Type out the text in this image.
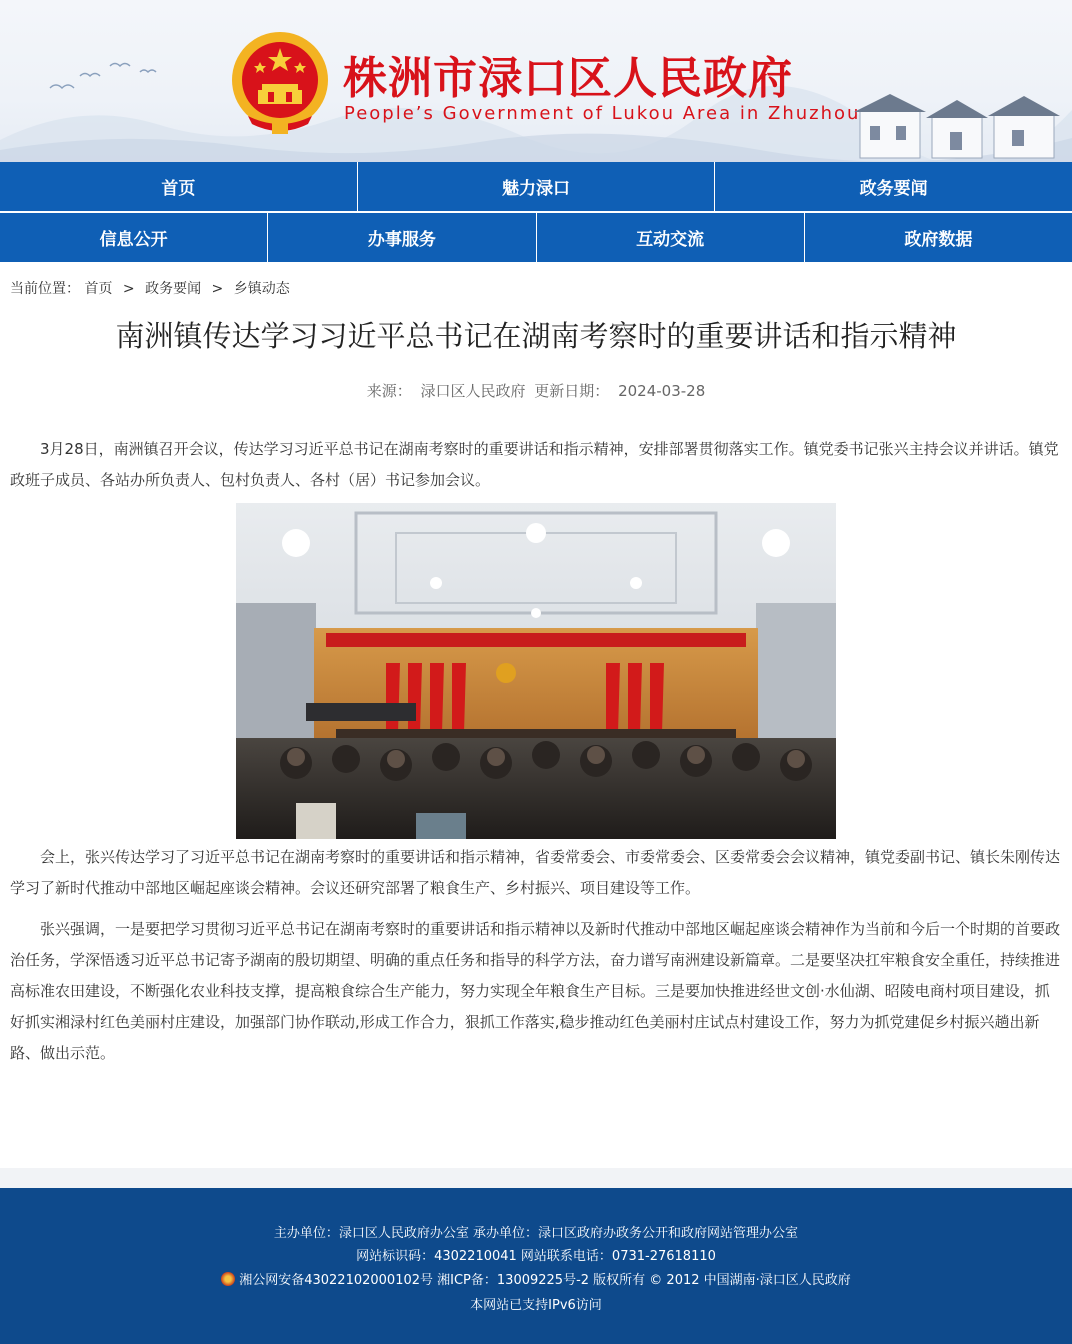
株洲市渌口区人民政府
People’s Government of Lukou Area in Zhuzhou
首页	魅力渌口	政务要闻
信息公开	办事服务	互动交流	政府数据
当前位置： 首页 > 政务要闻 > 乡镇动态
南洲镇传达学习习近平总书记在湖南考察时的重要讲话和指示精神
来源： 渌口区人民政府 更新日期： 2024-03-28
3月28日，南洲镇召开会议，传达学习习近平总书记在湖南考察时的重要讲话和指示精神，安排部署贯彻落实工作。镇党委书记张兴主持会议并讲话。镇党政班子成员、各站办所负责人、包村负责人、各村（居）书记参加会议。
会上，张兴传达学习了习近平总书记在湖南考察时的重要讲话和指示精神，省委常委会、市委常委会、区委常委会会议精神，镇党委副书记、镇长朱刚传达学习了新时代推动中部地区崛起座谈会精神。会议还研究部署了粮食生产、乡村振兴、项目建设等工作。
张兴强调，一是要把学习贯彻习近平总书记在湖南考察时的重要讲话和指示精神以及新时代推动中部地区崛起座谈会精神作为当前和今后一个时期的首要政治任务，学深悟透习近平总书记寄予湖南的殷切期望、明确的重点任务和指导的科学方法，奋力谱写南洲建设新篇章。二是要坚决扛牢粮食安全重任，持续推进高标准农田建设，不断强化农业科技支撑，提高粮食综合生产能力，努力实现全年粮食生产目标。三是要加快推进经世文创·水仙湖、昭陵电商村项目建设，抓好抓实湘渌村红色美丽村庄建设，加强部门协作联动,形成工作合力，狠抓工作落实,稳步推动红色美丽村庄试点村建设工作，努力为抓党建促乡村振兴趟出新路、做出示范。
主办单位：渌口区人民政府办公室 承办单位：渌口区政府办政务公开和政府网站管理办公室
网站标识码：4302210041 网站联系电话：0731-27618110
湘公网安备43022102000102号 湘ICP备：13009225号-2 版权所有 © 2012 中国湖南·渌口区人民政府
本网站已支持IPv6访问
